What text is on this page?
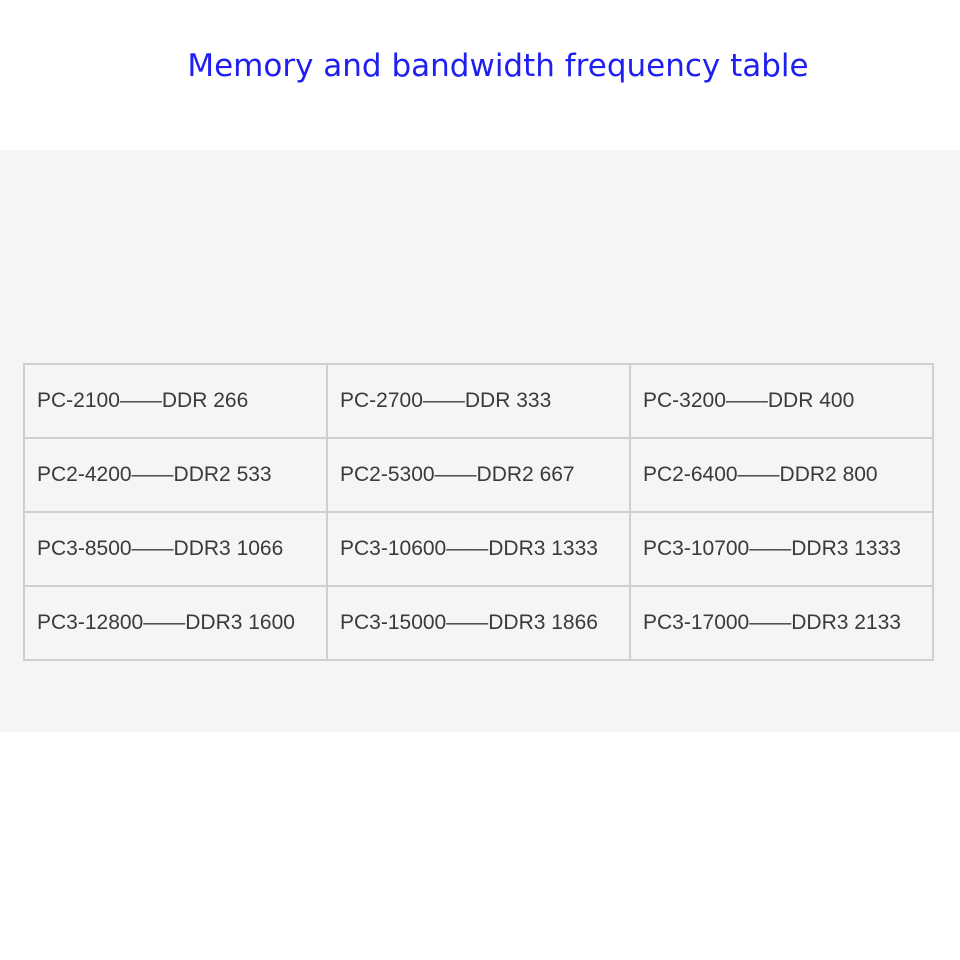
Memory and bandwidth frequency table
PC-2100——DDR 266	PC-2700——DDR 333	PC-3200——DDR 400
PC2-4200——DDR2 533	PC2-5300——DDR2 667	PC2-6400——DDR2 800
PC3-8500——DDR3 1066	PC3-10600——DDR3 1333	PC3-10700——DDR3 1333
PC3-12800——DDR3 1600	PC3-15000——DDR3 1866	PC3-17000——DDR3 2133
